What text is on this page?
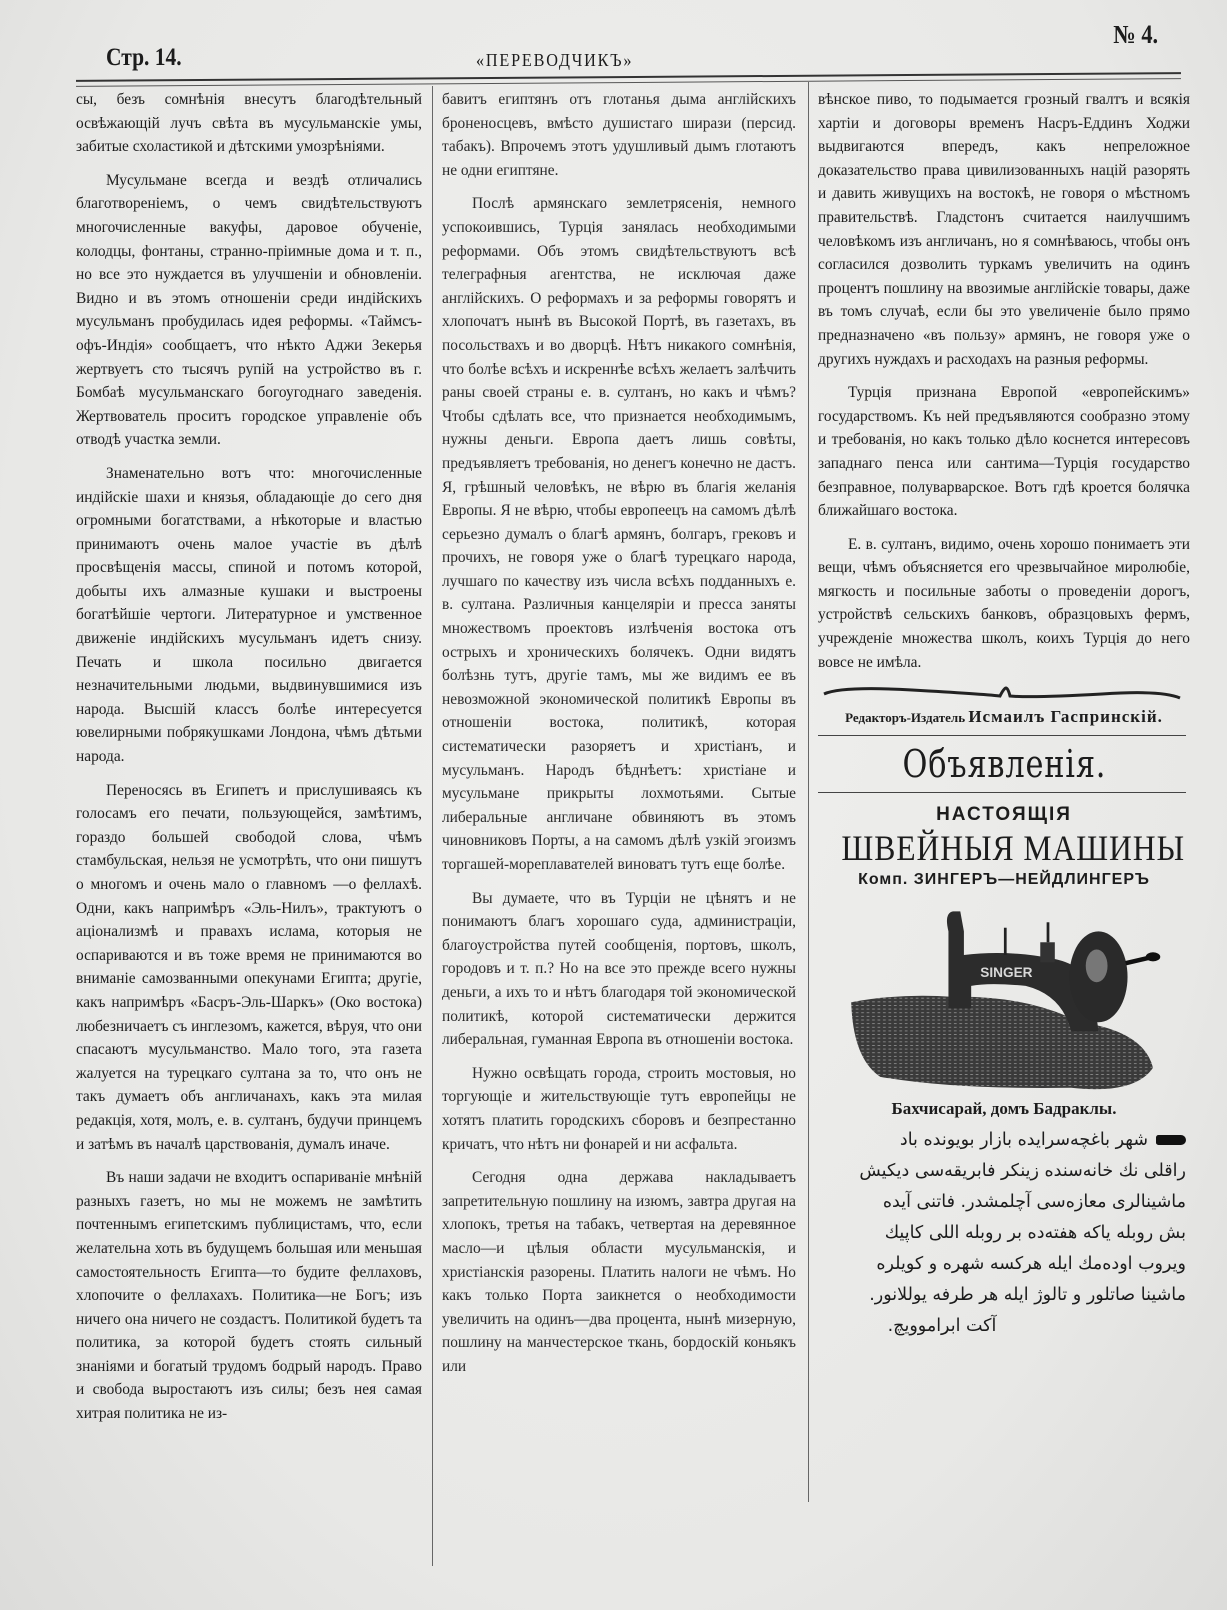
Стр. 14.	«ПЕРЕВОДЧИКЪ»
№ 4.

сы, безъ сомнѣнія внесутъ благодѣтельный освѣжающій лучъ свѣта въ мусульманскіе умы, забитые схоластикой и дѣтскими умозрѣніями.

Мусульмане всегда и вездѣ отличались благотвореніемъ, о чемъ свидѣтельствуютъ многочисленные вакуфы, даровое обученіе, колодцы, фонтаны, странно-пріимные дома и т. п., но все это нуждается въ улучшеніи и обновленіи. Видно и въ этомъ отношеніи среди индійскихъ мусульманъ пробудилась идея реформы. «Таймсъ-офъ-Индія» сообщаетъ, что нѣкто Аджи Зекерья жертвуетъ сто тысячъ рупій на устройство въ г. Бомбаѣ мусульманскаго богоугоднаго заведенія. Жертвователь проситъ городское управленіе объ отводѣ участка земли.

Знаменательно вотъ что: многочисленные индійскіе шахи и князья, обладающіе до сего дня огромными богатствами, а нѣкоторые и властью принимаютъ очень малое участіе въ дѣлѣ просвѣщенія массы, спиной и потомъ которой, добыты ихъ алмазные кушаки и выстроены богатѣйшіе чертоги. Литературное и умственное движеніе индійскихъ мусульманъ идетъ снизу. Печать и школа посильно двигается незначительными людьми, выдвинувшимися изъ народа. Высшій классъ болѣе интересуется ювелирными побрякушками Лондона, чѣмъ дѣтьми народа.

Переносясь въ Египетъ и прислушиваясь къ голосамъ его печати, пользующейся, замѣтимъ, гораздо большей свободой слова, чѣмъ стамбульская, нельзя не усмотрѣть, что они пишутъ о многомъ и очень мало о главномъ —о феллахѣ. Одни, какъ напримѣръ «Эль-Нилъ», трактуютъ о аціонализмѣ и правахъ ислама, которыя не оспариваются и въ тоже время не принимаются во вниманіе самозванными опекунами Египта; другіе, какъ напримѣръ «Басръ-Эль-Шаркъ» (Око востока) любезничаетъ съ инглезомъ, кажется, вѣруя, что они спасаютъ мусульманство. Мало того, эта газета жалуется на турецкаго султана за то, что онъ не такъ думаетъ объ англичанахъ, какъ эта милая редакція, хотя, молъ, е. в. султанъ, будучи принцемъ и затѣмъ въ началѣ царствованія, думалъ иначе.

Въ наши задачи не входитъ оспариваніе мнѣній разныхъ газетъ, но мы не можемъ не замѣтить почтеннымъ египетскимъ публицистамъ, что, если желательна хоть въ будущемъ большая или меньшая самостоятельность Египта—то будите феллаховъ, хлопочите о феллахахъ. Политика—не Богъ; изъ ничего она ничего не создастъ. Политикой будетъ та политика, за которой будетъ стоять сильный знаніями и богатый трудомъ бодрый народъ. Право и свобода выростаютъ изъ силы; безъ нея самая хитрая политика не из-

бавитъ египтянъ отъ глотанья дыма англійскихъ броненосцевъ, вмѣсто душистаго ширази (персид. табакъ). Впрочемъ этотъ удушливый дымъ глотаютъ не одни египтяне.

Послѣ армянскаго землетрясенія, немного успокоившись, Турція занялась необходимыми реформами. Объ этомъ свидѣтельствуютъ всѣ телеграфныя агентства, не исключая даже англійскихъ. О реформахъ и за реформы говорятъ и хлопочатъ нынѣ въ Высокой Портѣ, въ газетахъ, въ посольствахъ и во дворцѣ. Нѣтъ никакого сомнѣнія, что болѣе всѣхъ и искреннѣе всѣхъ желаетъ залѣчить раны своей страны е. в. султанъ, но какъ и чѣмъ? Чтобы сдѣлать все, что признается необходимымъ, нужны деньги. Европа даетъ лишь совѣты, предъявляетъ требованія, но денегъ конечно не дастъ. Я, грѣшный человѣкъ, не вѣрю въ благія желанія Европы. Я не вѣрю, чтобы европеецъ на самомъ дѣлѣ серьезно думалъ о благѣ армянъ, болгаръ, грековъ и прочихъ, не говоря уже о благѣ турецкаго народа, лучшаго по качеству изъ числа всѣхъ подданныхъ е. в. султана. Различныя канцеляріи и пресса заняты множествомъ проектовъ излѣченія востока отъ острыхъ и хроническихъ болячекъ. Одни видятъ болѣзнь тутъ, другіе тамъ, мы же видимъ ее въ невозможной экономической политикѣ Европы въ отношеніи востока, политикѣ, которая систематически разоряетъ и христіанъ, и мусульманъ. Народъ бѣднѣетъ: христіане и мусульмане прикрыты лохмотьями. Сытые либеральные англичане обвиняютъ въ этомъ чиновниковъ Порты, а на самомъ дѣлѣ узкій эгоизмъ торгашей-мореплавателей виноватъ тутъ еще болѣе.

Вы думаете, что въ Турціи не цѣнятъ и не понимаютъ благъ хорошаго суда, администраціи, благоустройства путей сообщенія, портовъ, школъ, городовъ и т. п.? Но на все это прежде всего нужны деньги, а ихъ то и нѣтъ благодаря той экономической политикѣ, которой систематически держится либеральная, гуманная Европа въ отношеніи востока.

Нужно освѣщать города, строить мостовыя, но торгующіе и жительствующіе тутъ европейцы не хотятъ платить городскихъ сборовъ и безпрестанно кричатъ, что нѣтъ ни фонарей и ни асфальта.

Сегодня одна держава накладываетъ запретительную пошлину на изюмъ, завтра другая на хлопокъ, третья на табакъ, четвертая на деревянное масло—и цѣлыя области мусульманскія, и христіанскія разорены. Платить налоги не чѣмъ. Но какъ только Порта заикнется о необходимости увеличить на одинъ—два процента, нынѣ мизерную, пошлину на манчестерское ткань, бордоскій коньякъ или

вѣнское пиво, то подымается грозный гвалтъ и всякія хартіи и договоры временъ Насръ-Еддинъ Ходжи выдвигаются впередъ, какъ непреложное доказательство права цивилизованныхъ націй разорять и давить живущихъ на востокѣ, не говоря о мѣстномъ правительствѣ. Гладстонъ считается наилучшимъ человѣкомъ изъ англичанъ, но я сомнѣваюсь, чтобы онъ согласился дозволить туркамъ увеличить на одинъ процентъ пошлину на ввозимые англійскіе товары, даже въ томъ случаѣ, если бы это увеличеніе было прямо предназначено «въ пользу» армянъ, не говоря уже о другихъ нуждахъ и расходахъ на разныя реформы.

Турція признана Европой «европейскимъ» государствомъ. Къ ней предъявляются сообразно этому и требованія, но какъ только дѣло коснется интересовъ западнаго пенса или сантима—Турція государство безправное, полуварварское. Вотъ гдѣ кроется болячка ближайшаго востока.

Е. в. султанъ, видимо, очень хорошо понимаетъ эти вещи, чѣмъ объясняется его чрезвычайное миролюбіе, мягкость и посильные заботы о проведеніи дорогъ, устройствѣ сельскихъ банковъ, образцовыхъ фермъ, учрежденіе множества школъ, коихъ Турція до него вовсе не имѣла.

Редакторъ-Издатель Исмаилъ Гаспринскій.
Объявленія.
НАСТОЯЩІЯ
ШВЕЙНЫЯ МАШИНЫ
Комп. ЗИНГЕРЪ—НЕЙДЛИНГЕРЪ
SINGER
Бахчисарай, домъ Бадраклы.
شهر باغچەسرايدە بازار بويوندە باد
راقلى نك خانەسندە زينكر فابريقەسى ديكيش
ماشينالرى معازەسى آچلمشدر. فاتنى آيدە
بش روبلە ياكە هفتەدە بر روبلە اللى كاپيك
ويروب اودەمك ايلە هركسە شهرە و كويلرە
ماشينا صاتلور و تالوژ ايلە هر طرفە يوللانور.
آكت ابراموويچ.
